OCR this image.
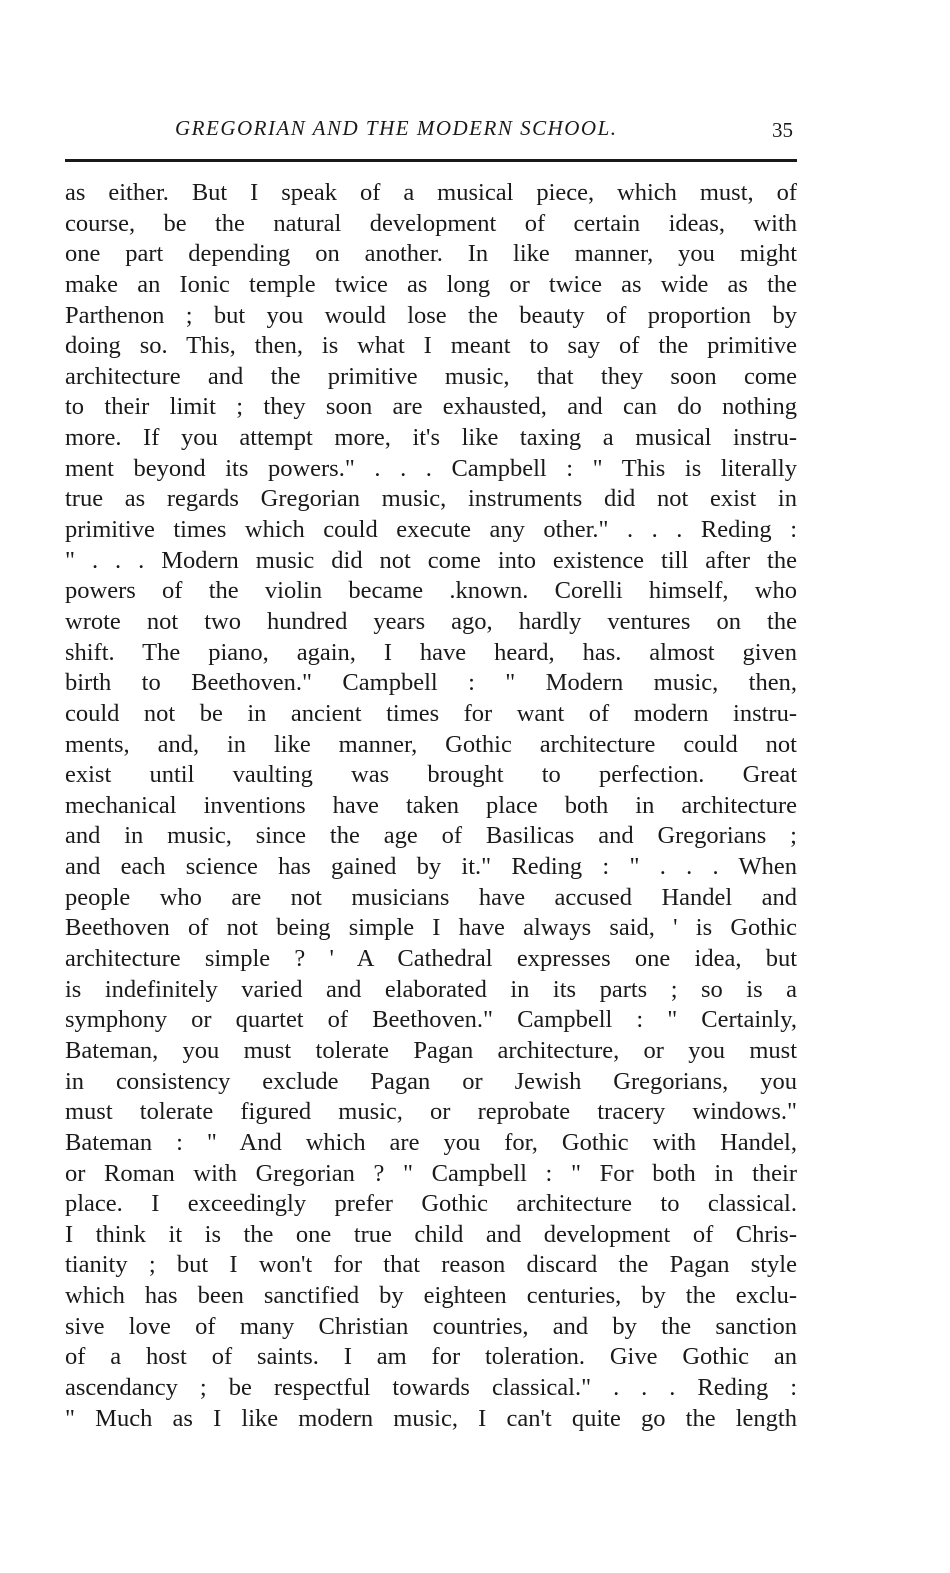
GREGORIAN AND THE MODERN SCHOOL.	35
as either. But I speak of a musical piece, which must, of
course, be the natural development of certain ideas, with
one part depending on another. In like manner, you might
make an Ionic temple twice as long or twice as wide as the
Parthenon ; but you would lose the beauty of proportion by
doing so. This, then, is what I meant to say of the primitive
architecture and the primitive music, that they soon come
to their limit ; they soon are exhausted, and can do nothing
more. If you attempt more, it's like taxing a musical instru-
ment beyond its powers." . . . Campbell : " This is literally
true as regards Gregorian music, instruments did not exist in
primitive times which could execute any other." . . . Reding :
" . . . Modern music did not come into existence till after the
powers of the violin became .known. Corelli himself, who
wrote not two hundred years ago, hardly ventures on the
shift. The piano, again, I have heard, has. almost given
birth to Beethoven." Campbell : " Modern music, then,
could not be in ancient times for want of modern instru-
ments, and, in like manner, Gothic architecture could not
exist until vaulting was brought to perfection. Great
mechanical inventions have taken place both in architecture
and in music, since the age of Basilicas and Gregorians ;
and each science has gained by it." Reding : " . . . When
people who are not musicians have accused Handel and
Beethoven of not being simple I have always said, ' is Gothic
architecture simple ? ' A Cathedral expresses one idea, but
is indefinitely varied and elaborated in its parts ; so is a
symphony or quartet of Beethoven." Campbell : " Certainly,
Bateman, you must tolerate Pagan architecture, or you must
in consistency exclude Pagan or Jewish Gregorians, you
must tolerate figured music, or reprobate tracery windows."
Bateman : " And which are you for, Gothic with Handel,
or Roman with Gregorian ? " Campbell : " For both in their
place. I exceedingly prefer Gothic architecture to classical.
I think it is the one true child and development of Chris-
tianity ; but I won't for that reason discard the Pagan style
which has been sanctified by eighteen centuries, by the exclu-
sive love of many Christian countries, and by the sanction
of a host of saints. I am for toleration. Give Gothic an
ascendancy ; be respectful towards classical." . . . Reding :
" Much as I like modern music, I can't quite go the length
